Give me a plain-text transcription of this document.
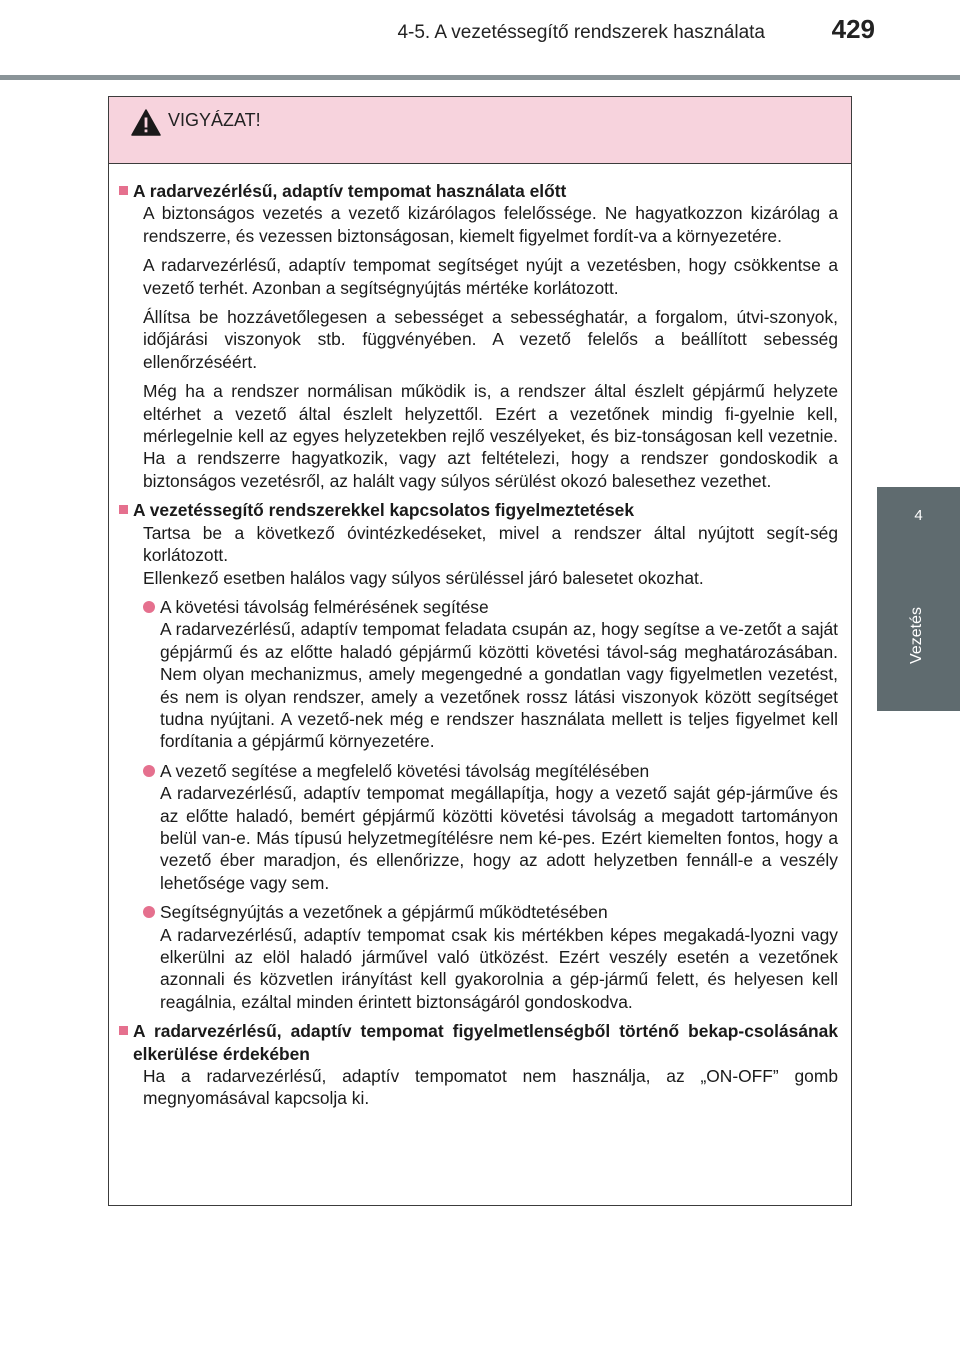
4-5. A vezetéssegítő rendszerek használata	429
4
Vezetés
VIGYÁZAT!
A radarvezérlésű, adaptív tempomat használata előtt
A biztonságos vezetés a vezető kizárólagos felelőssége. Ne hagyatkozzon kizárólag a rendszerre, és vezessen biztonságosan, kiemelt figyelmet fordít-va a környezetére.
A radarvezérlésű, adaptív tempomat segítséget nyújt a vezetésben, hogy csökkentse a vezető terhét. Azonban a segítségnyújtás mértéke korlátozott.
Állítsa be hozzávetőlegesen a sebességet a sebességhatár, a forgalom, útvi-szonyok, időjárási viszonyok stb. függvényében. A vezető felelős a beállított sebesség ellenőrzéséért.
Még ha a rendszer normálisan működik is, a rendszer által észlelt gépjármű helyzete eltérhet a vezető által észlelt helyzettől. Ezért a vezetőnek mindig fi-gyelnie kell, mérlegelnie kell az egyes helyzetekben rejlő veszélyeket, és biz-tonságosan kell vezetnie. Ha a rendszerre hagyatkozik, vagy azt feltételezi, hogy a rendszer gondoskodik a biztonságos vezetésről, az halált vagy súlyos sérülést okozó balesethez vezethet.
A vezetéssegítő rendszerekkel kapcsolatos figyelmeztetések
Tartsa be a következő óvintézkedéseket, mivel a rendszer által nyújtott segít-ség korlátozott.
Ellenkező esetben halálos vagy súlyos sérüléssel járó balesetet okozhat.
A követési távolság felmérésének segítése
A radarvezérlésű, adaptív tempomat feladata csupán az, hogy segítse a ve-zetőt a saját gépjármű és az előtte haladó gépjármű közötti követési távol-ság meghatározásában. Nem olyan mechanizmus, amely megengedné a gondatlan vagy figyelmetlen vezetést, és nem is olyan rendszer, amely a vezetőnek rossz látási viszonyok között segítséget tudna nyújtani. A vezető-nek még e rendszer használata mellett is teljes figyelmet kell fordítania a gépjármű környezetére.
A vezető segítése a megfelelő követési távolság megítélésében
A radarvezérlésű, adaptív tempomat megállapítja, hogy a vezető saját gép-járműve és az előtte haladó, bemért gépjármű közötti követési távolság a megadott tartományon belül van-e. Más típusú helyzetmegítélésre nem ké-pes. Ezért kiemelten fontos, hogy a vezető éber maradjon, és ellenőrizze, hogy az adott helyzetben fennáll-e a veszély lehetősége vagy sem.
Segítségnyújtás a vezetőnek a gépjármű működtetésében
A radarvezérlésű, adaptív tempomat csak kis mértékben képes megakadá-lyozni vagy elkerülni az elöl haladó járművel való ütközést. Ezért veszély esetén a vezetőnek azonnali és közvetlen irányítást kell gyakorolnia a gép-jármű felett, és helyesen kell reagálnia, ezáltal minden érintett biztonságáról gondoskodva.
A radarvezérlésű, adaptív tempomat figyelmetlenségből történő bekap-csolásának elkerülése érdekében
Ha a radarvezérlésű, adaptív tempomatot nem használja, az „ON-OFF” gomb megnyomásával kapcsolja ki.
